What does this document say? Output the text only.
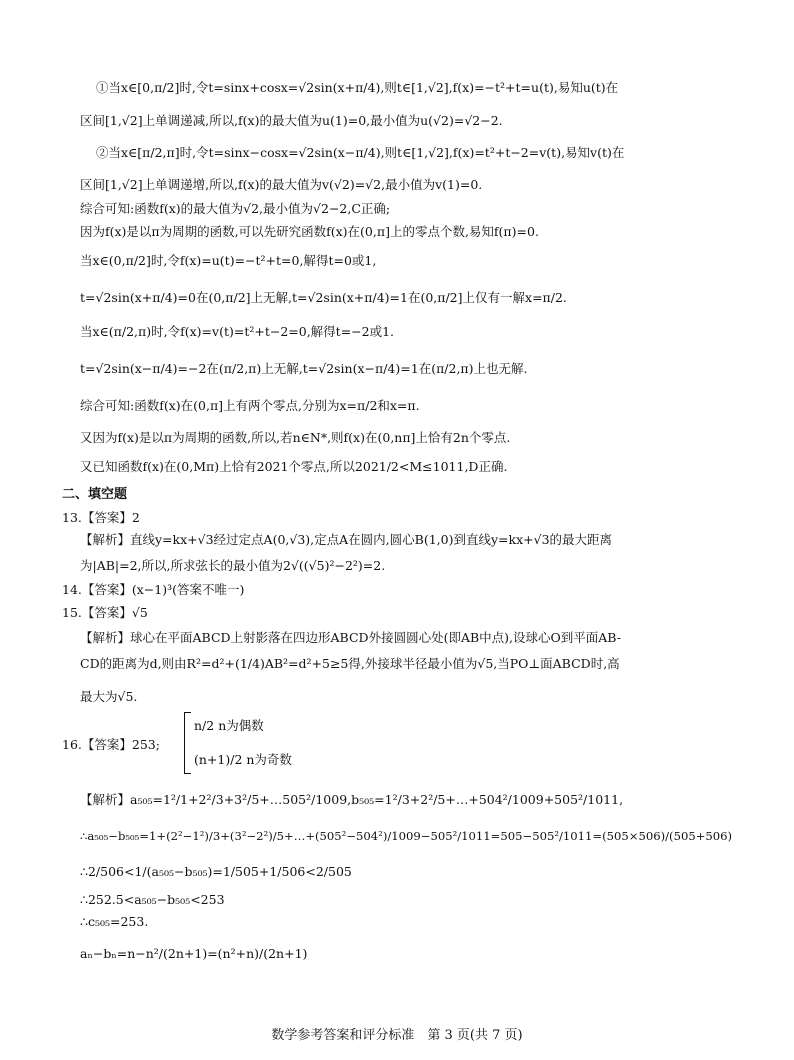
①当x∈[0,π/2]时,令t=sinx+cosx=√2sin(x+π/4),则t∈[1,√2],f(x)=−t²+t=u(t),易知u(t)在
区间[1,√2]上单调递减,所以,f(x)的最大值为u(1)=0,最小值为u(√2)=√2−2.
②当x∈[π/2,π]时,令t=sinx−cosx=√2sin(x−π/4),则t∈[1,√2],f(x)=t²+t−2=v(t),易知v(t)在
区间[1,√2]上单调递增,所以,f(x)的最大值为v(√2)=√2,最小值为v(1)=0.
综合可知:函数f(x)的最大值为√2,最小值为√2−2,C正确;
因为f(x)是以π为周期的函数,可以先研究函数f(x)在(0,π]上的零点个数,易知f(π)=0.
当x∈(0,π/2]时,令f(x)=u(t)=−t²+t=0,解得t=0或1,
t=√2sin(x+π/4)=0在(0,π/2]上无解,t=√2sin(x+π/4)=1在(0,π/2]上仅有一解x=π/2.
当x∈(π/2,π)时,令f(x)=v(t)=t²+t−2=0,解得t=−2或1.
t=√2sin(x−π/4)=−2在(π/2,π)上无解,t=√2sin(x−π/4)=1在(π/2,π)上也无解.
综合可知:函数f(x)在(0,π]上有两个零点,分别为x=π/2和x=π.
又因为f(x)是以π为周期的函数,所以,若n∈N*,则f(x)在(0,nπ]上恰有2n个零点.
又已知函数f(x)在(0,Mπ)上恰有2021个零点,所以2021/2<M≤1011,D正确.
二、填空题
13.【答案】2
【解析】直线y=kx+√3经过定点A(0,√3),定点A在圆内,圆心B(1,0)到直线y=kx+√3的最大距离
为|AB|=2,所以,所求弦长的最小值为2√((√5)²−2²)=2.
14.【答案】(x−1)³(答案不唯一)
15.【答案】√5
【解析】球心在平面ABCD上射影落在四边形ABCD外接圆圆心处(即AB中点),设球心O到平面AB-
CD的距离为d,则由R²=d²+(1/4)AB²=d²+5≥5得,外接球半径最小值为√5,当PO⊥面ABCD时,高
最大为√5.
n/2 n为偶数
16.【答案】253;
(n+1)/2 n为奇数
【解析】a₅₀₅=1²/1+2²/3+3²/5+…505²/1009,b₅₀₅=1²/3+2²/5+…+504²/1009+505²/1011,
∴a₅₀₅−b₅₀₅=1+(2²−1²)/3+(3²−2²)/5+…+(505²−504²)/1009−505²/1011=505−505²/1011=(505×506)/(505+506)
∴2/506<1/(a₅₀₅−b₅₀₅)=1/505+1/506<2/505
∴252.5<a₅₀₅−b₅₀₅<253
∴c₅₀₅=253.
aₙ−bₙ=n−n²/(2n+1)=(n²+n)/(2n+1)
数学参考答案和评分标准　第 3 页(共 7 页)
